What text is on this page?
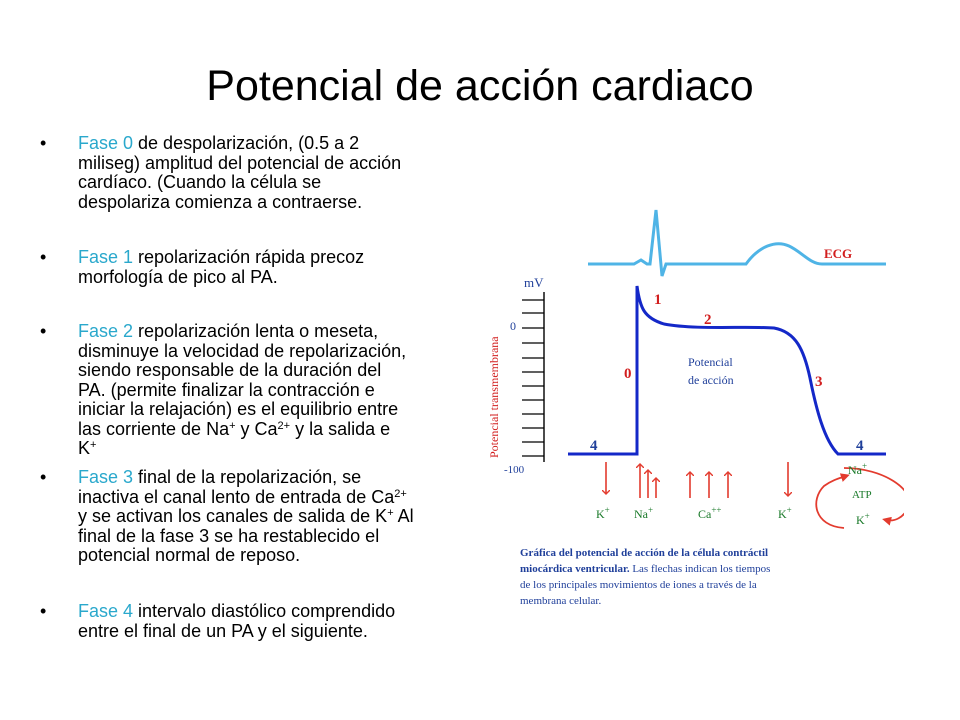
Potencial de acción cardiaco
• Fase 0 de despolarización, (0.5 a 2
miliseg) amplitud del potencial de acción
cardíaco. (Cuando la célula se
despolariza comienza a contraerse.
• Fase 1 repolarización rápida precoz
morfología de pico al PA.
• Fase 2 repolarización lenta o meseta,
disminuye la velocidad de repolarización,
siendo responsable de la duración del
PA. (permite finalizar la contracción e
iniciar la relajación) es el equilibrio entre
las corriente de Na+ y $Ca^{2+}$ y la salida e
K+
• Fase 3 final de la repolarización, se
inactiva el canal lento de entrada de $Ca^{2+}$
y se activan los canales de salida de K+ Al
final de la fase 3 se ha restablecido el
potencial normal de reposo.
• Fase 4 intervalo diastólico comprendido
entre el final de un PA y el siguiente.
ECG
mV
0
-100
Potencial transmembrana	0
1
2
3
4	4
Potencial de acción
K+ Na+	Ca++	K+
Na+
ATP
K+
Gráfica del potencial de acción de la célula contráctil
miocárdica ventricular. Las flechas indican los tiempos
de los principales movimientos de iones a través de la
membrana celular.
